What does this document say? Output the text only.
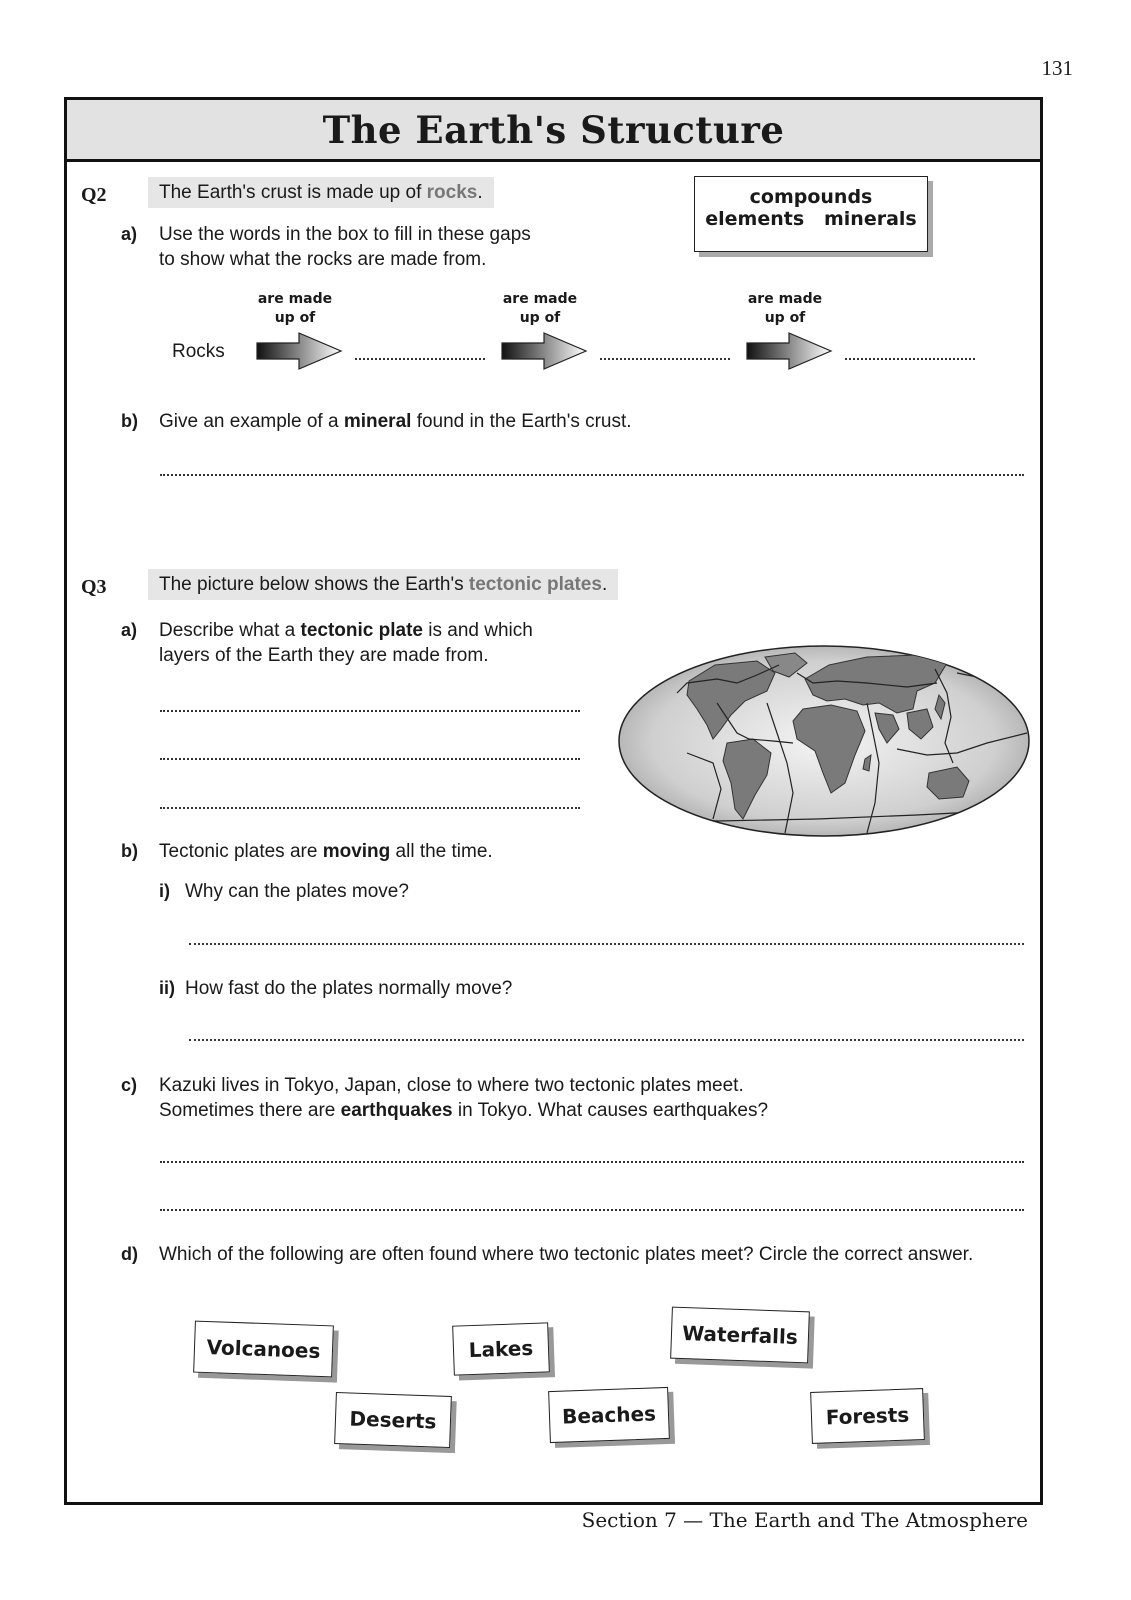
131
The Earth's Structure
Q2	The Earth's crust is made up of rocks.	compounds
elements   minerals
a) Use the words in the box to fill in these gaps
to show what the rocks are made from.
Rocks
are made
up of
are made
up of
are made
up of
b) Give an example of a mineral found in the Earth's crust.
Q3	The picture below shows the Earth's tectonic plates.
a) Describe what a tectonic plate is and which
layers of the Earth they are made from.
b) Tectonic plates are moving all the time.
i) Why can the plates move?
ii) How fast do the plates normally move?
c) Kazuki lives in Tokyo, Japan, close to where two tectonic plates meet.
Sometimes there are earthquakes in Tokyo. What causes earthquakes?
d) Which of the following are often found where two tectonic plates meet? Circle the correct answer.
Volcanoes	Lakes	Waterfalls
Deserts	Beaches	Forests
Section 7 — The Earth and The Atmosphere
